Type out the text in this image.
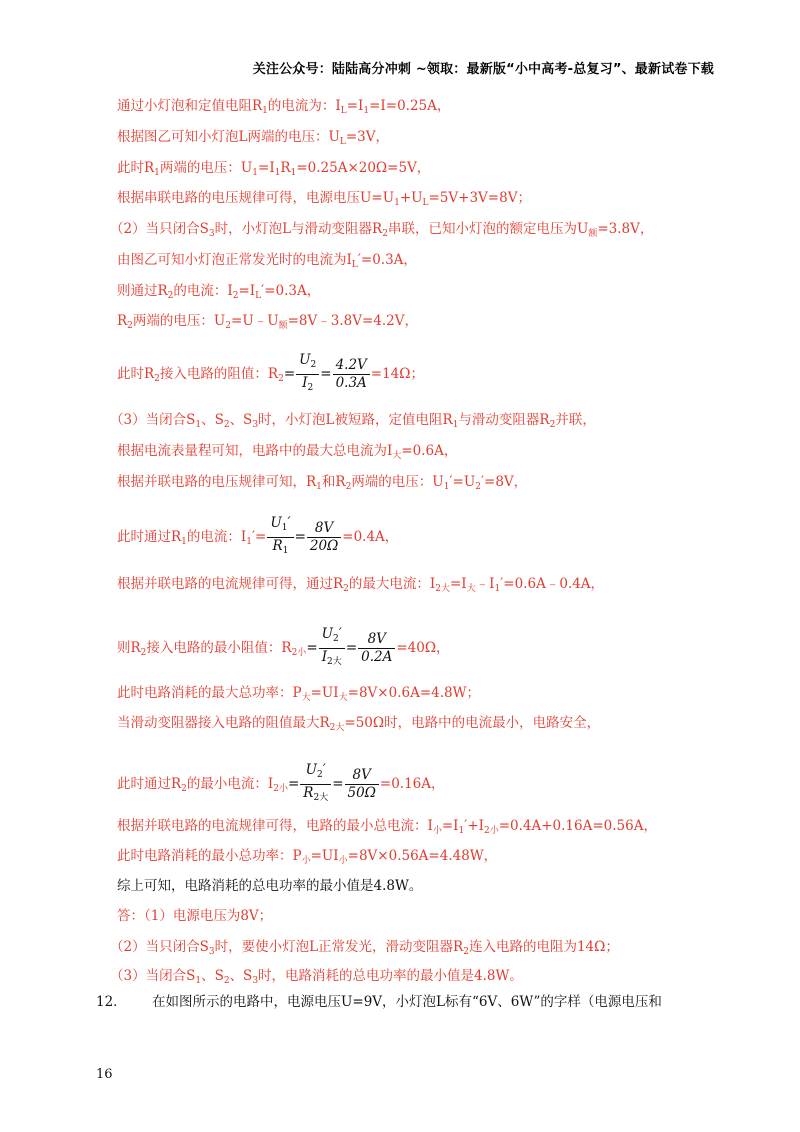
关注公众号：陆陆高分冲刺 ~领取：最新版“小中高考-总复习”、最新试卷下载
通过小灯泡和定值电阻$R_1$的电流为：$I_L=I_1=I=0.25A$，
根据图乙可知小灯泡L两端的电压：$U_L=3V$，
此时$R_1$两端的电压：$U_1=I_1R_1=0.25A\times 20\Omega=5V$，
根据串联电路的电压规律可得，电源电压$U=U_1+U_L=5V+3V=8V$；
（2）当只闭合$S_3$时，小灯泡L与滑动变阻器$R_2$串联，已知小灯泡的额定电压为$U_额=3.8V$，
由图乙可知小灯泡正常发光时的电流为$I_L'=0.3A$，
则通过$R_2$的电流：$I_2=I_L'=0.3A$，
$R_2$两端的电压：$U_2=U﹣U_额=8V﹣3.8V=4.2V$，
此时$R_2$接入电路的阻值：$R_2= \frac{U_2}{I_2} = \frac{4.2V}{0.3A} =14\Omega$；
（3）当闭合$S_1$、$S_2$、$S_3$时，小灯泡L被短路，定值电阻$R_1$与滑动变阻器$R_2$并联，
根据电流表量程可知，电路中的最大总电流为$I_大=0.6A$，
根据并联电路的电压规律可知，$R_1$和$R_2$两端的电压：$U_1'=U_2'=8V$，
此时通过$R_1$的电流：$I_1'= \frac{U_1'}{R_1} = \frac{8V}{20\Omega} =0.4A$，
根据并联电路的电流规律可得，通过$R_2$的最大电流：$I_{2大}=I_大﹣I_1'=0.6A﹣0.4A$，
则$R_2$接入电路的最小阻值：$R_{2小}= \frac{U_2'}{I_{2大}} = \frac{8V}{0.2A} =40\Omega$，
此时电路消耗的最大总功率：$P_大=UI_大=8V\times 0.6A=4.8W$；
当滑动变阻器接入电路的阻值最大$R_{2大}=50\Omega$时，电路中的电流最小，电路安全，
此时通过$R_2$的最小电流：$I_{2小}= \frac{U_2'}{R_{2大}} = \frac{8V}{50\Omega} =0.16A$，
根据并联电路的电流规律可得，电路的最小总电流：$I_小=I_1'+I_{2小}=0.4A+0.16A=0.56A$，
此时电路消耗的最小总功率：$P_小=UI_小=8V\times 0.56A=4.48W$，
综上可知，电路消耗的总电功率的最小值是4.8W。
答：（1）电源电压为8V；
（2）当只闭合$S_3$时，要使小灯泡L正常发光，滑动变阻器$R_2$连入电路的电阻为14Ω；
（3）当闭合$S_1$、$S_2$、$S_3$时，电路消耗的总电功率的最小值是4.8W。
12． 在如图所示的电路中，电源电压U=9V，小灯泡L标有“6V、6W”的字样（电源电压和
16
